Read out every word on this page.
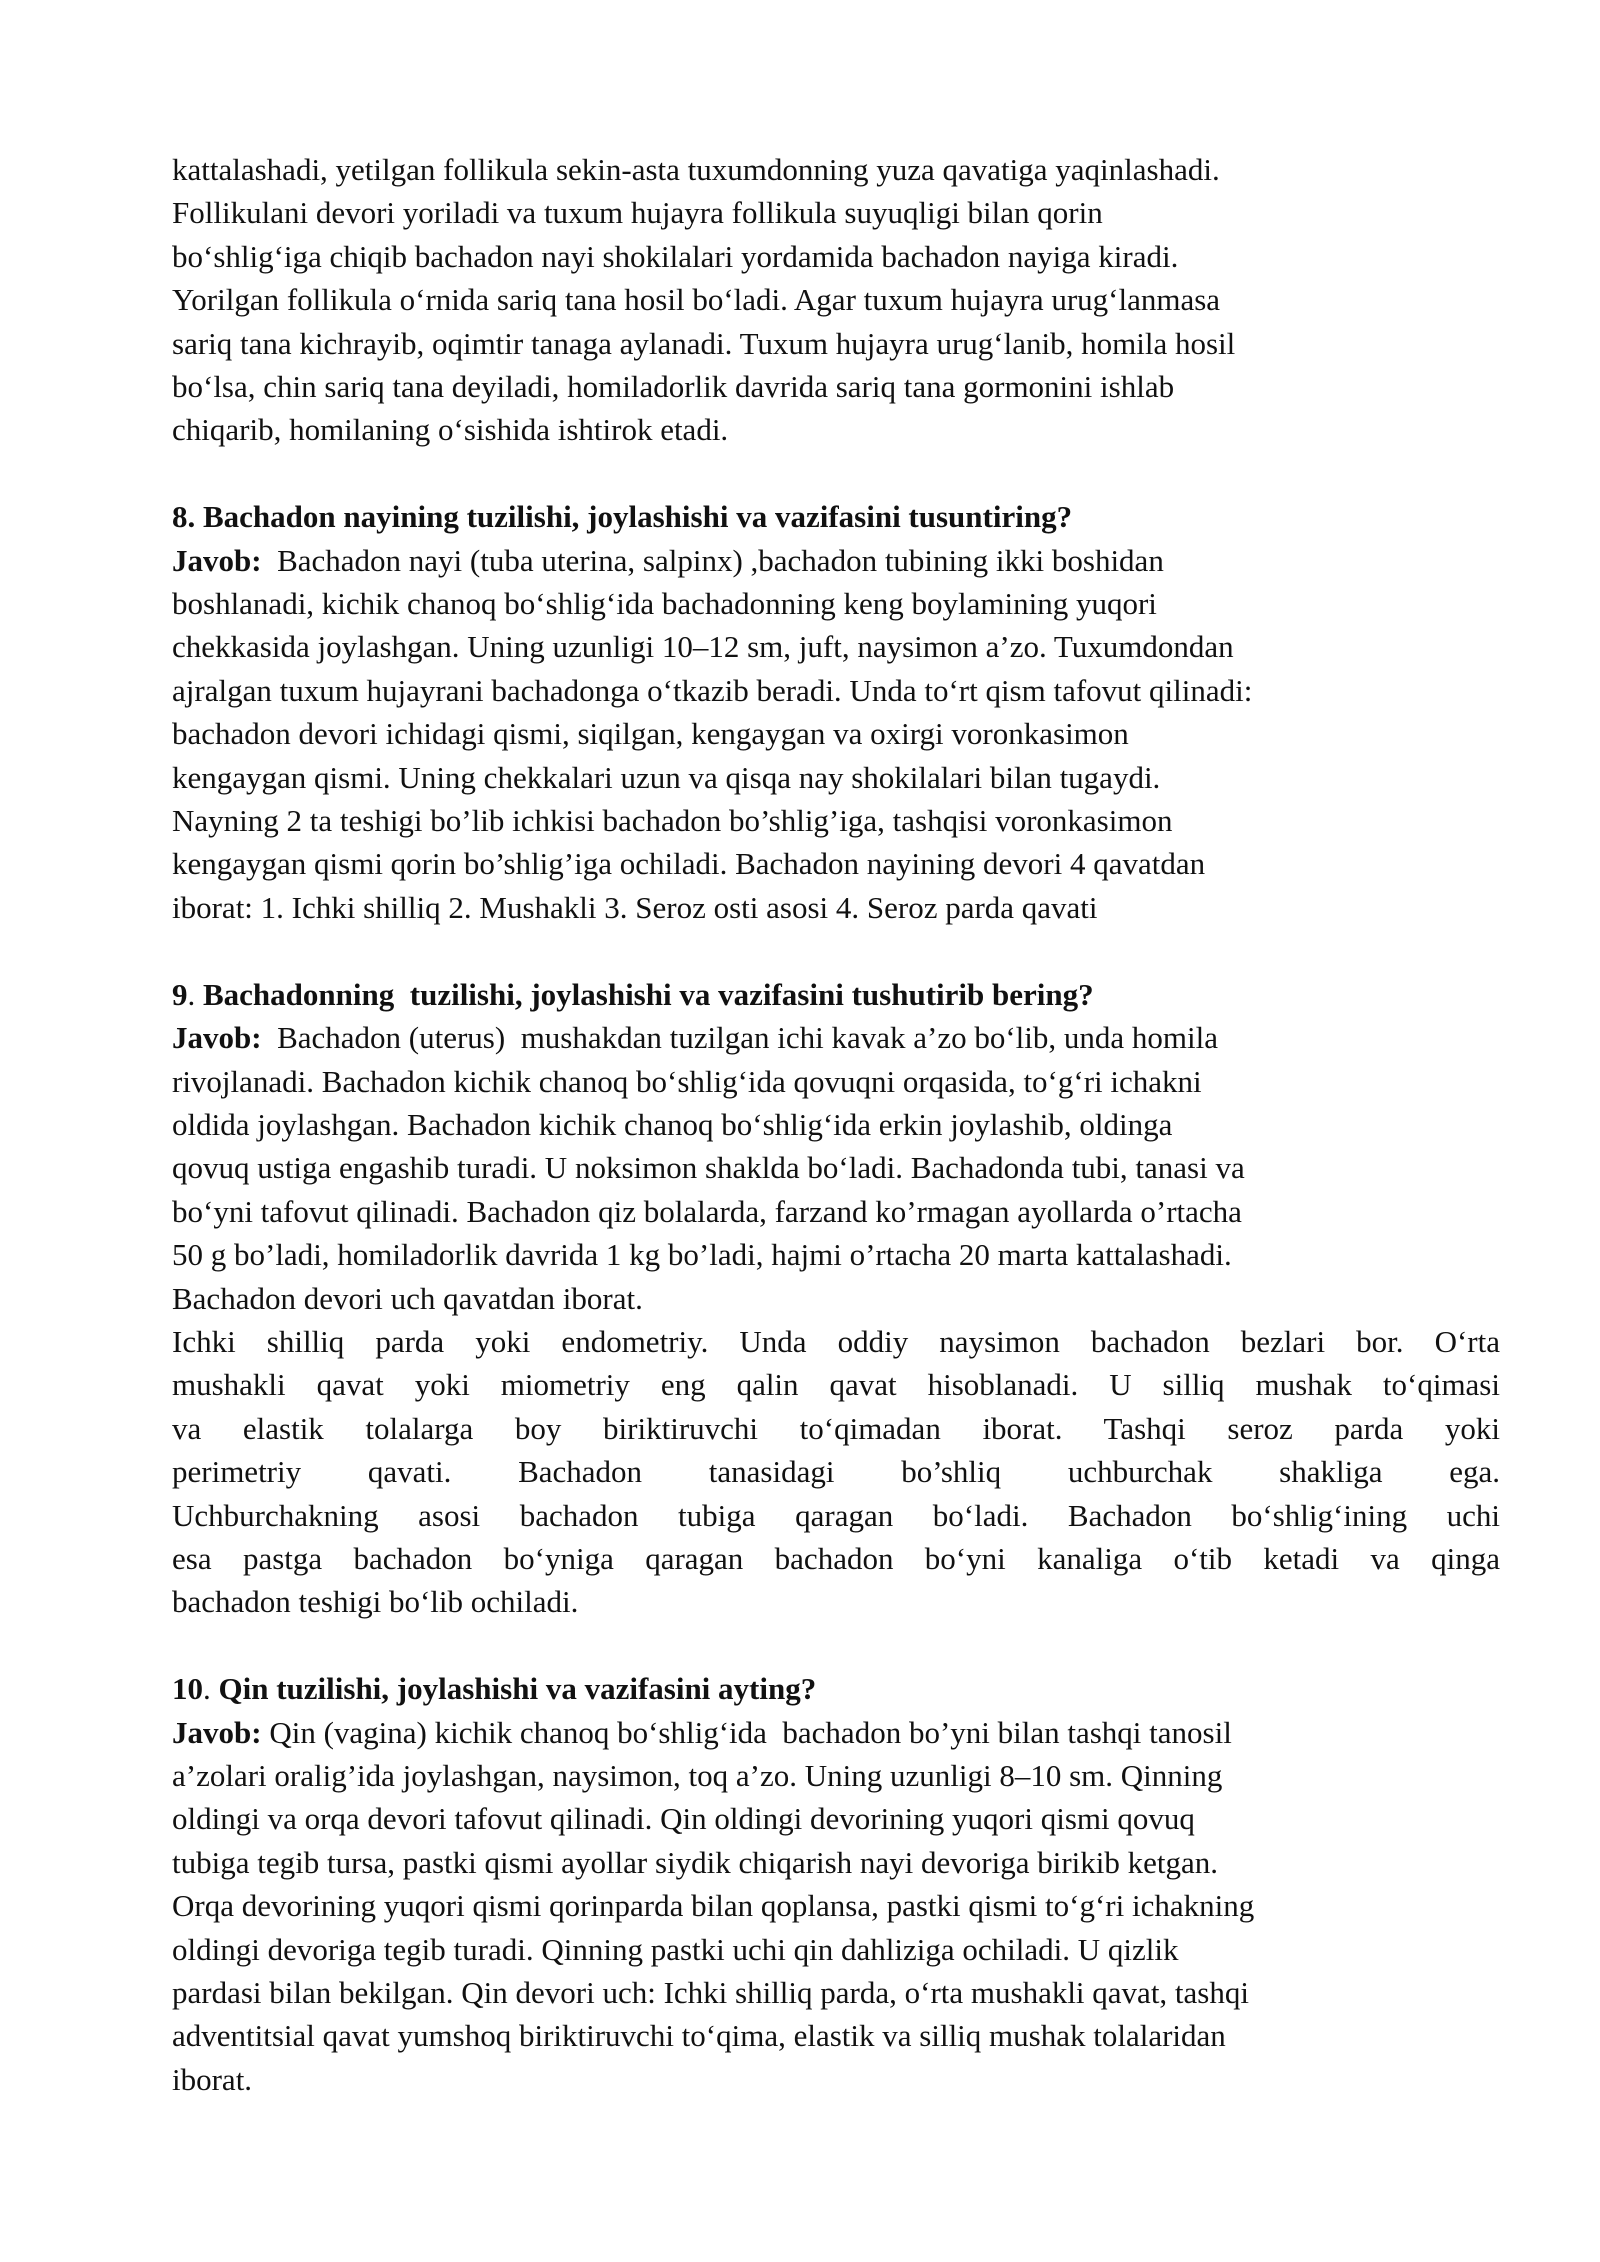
kattalashadi, yetilgan follikula sekin-asta tuxumdonning yuza qavatiga yaqinlashadi.
Follikulani devori yoriladi va tuxum hujayra follikula suyuqligi bilan qorin
bo‘shlig‘iga chiqib bachadon nayi shokilalari yordamida bachadon nayiga kiradi.
Yorilgan follikula o‘rnida sariq tana hosil bo‘ladi. Agar tuxum hujayra urug‘lanmasa
sariq tana kichrayib, oqimtir tanaga aylanadi. Tuxum hujayra urug‘lanib, homila hosil
bo‘lsa, chin sariq tana deyiladi, homiladorlik davrida sariq tana gormonini ishlab
chiqarib, homilaning o‘sishida ishtirok etadi.
8. Bachadon nayining tuzilishi, joylashishi va vazifasini tusuntiring?
Javob:  Bachadon nayi (tuba uterina, salpinx) ,bachadon tubining ikki boshidan
boshlanadi, kichik chanoq bo‘shlig‘ida bachadonning keng boylamining yuqori
chekkasida joylashgan. Uning uzunligi 10–12 sm, juft, naysimon a’zo. Tuxumdondan
ajralgan tuxum hujayrani bachadonga o‘tkazib beradi. Unda to‘rt qism tafovut qilinadi:
bachadon devori ichidagi qismi, siqilgan, kengaygan va oxirgi voronkasimon
kengaygan qismi. Uning chekkalari uzun va qisqa nay shokilalari bilan tugaydi.
Nayning 2 ta teshigi bo’lib ichkisi bachadon bo’shlig’iga, tashqisi voronkasimon
kengaygan qismi qorin bo’shlig’iga ochiladi. Bachadon nayining devori 4 qavatdan
iborat: 1. Ichki shilliq 2. Mushakli 3. Seroz osti asosi 4. Seroz parda qavati
9. Bachadonning  tuzilishi, joylashishi va vazifasini tushutirib bering?
Javob:  Bachadon (uterus)  mushakdan tuzilgan ichi kavak a’zo bo‘lib, unda homila
rivojlanadi. Bachadon kichik chanoq bo‘shlig‘ida qovuqni orqasida, to‘g‘ri ichakni
oldida joylashgan. Bachadon kichik chanoq bo‘shlig‘ida erkin joylashib, oldinga
qovuq ustiga engashib turadi. U noksimon shaklda bo‘ladi. Bachadonda tubi, tanasi va
bo‘yni tafovut qilinadi. Bachadon qiz bolalarda, farzand ko’rmagan ayollarda o’rtacha
50 g bo’ladi, homiladorlik davrida 1 kg bo’ladi, hajmi o’rtacha 20 marta kattalashadi.
Bachadon devori uch qavatdan iborat.
Ichki shilliq parda yoki endometriy. Unda oddiy naysimon bachadon bezlari bor. O‘rta
mushakli qavat yoki miometriy eng qalin qavat hisoblanadi. U silliq mushak to‘qimasi
va elastik tolalarga boy biriktiruvchi to‘qimadan iborat. Tashqi seroz parda yoki
perimetriy qavati. Bachadon tanasidagi bo’shliq uchburchak shakliga ega.
Uchburchakning asosi bachadon tubiga qaragan bo‘ladi. Bachadon bo‘shlig‘ining uchi
esa pastga bachadon bo‘yniga qaragan bachadon bo‘yni kanaliga o‘tib ketadi va qinga
bachadon teshigi bo‘lib ochiladi.
10. Qin tuzilishi, joylashishi va vazifasini ayting?
Javob: Qin (vagina) kichik chanoq bo‘shlig‘ida  bachadon bo’yni bilan tashqi tanosil
a’zolari oralig’ida joylashgan, naysimon, toq a’zo. Uning uzunligi 8–10 sm. Qinning
oldingi va orqa devori tafovut qilinadi. Qin oldingi devorining yuqori qismi qovuq
tubiga tegib tursa, pastki qismi ayollar siydik chiqarish nayi devoriga birikib ketgan.
Orqa devorining yuqori qismi qorinparda bilan qoplansa, pastki qismi to‘g‘ri ichakning
oldingi devoriga tegib turadi. Qinning pastki uchi qin dahliziga ochiladi. U qizlik
pardasi bilan bekilgan. Qin devori uch: Ichki shilliq parda, o‘rta mushakli qavat, tashqi
adventitsial qavat yumshoq biriktiruvchi to‘qima, elastik va silliq mushak tolalaridan
iborat.
